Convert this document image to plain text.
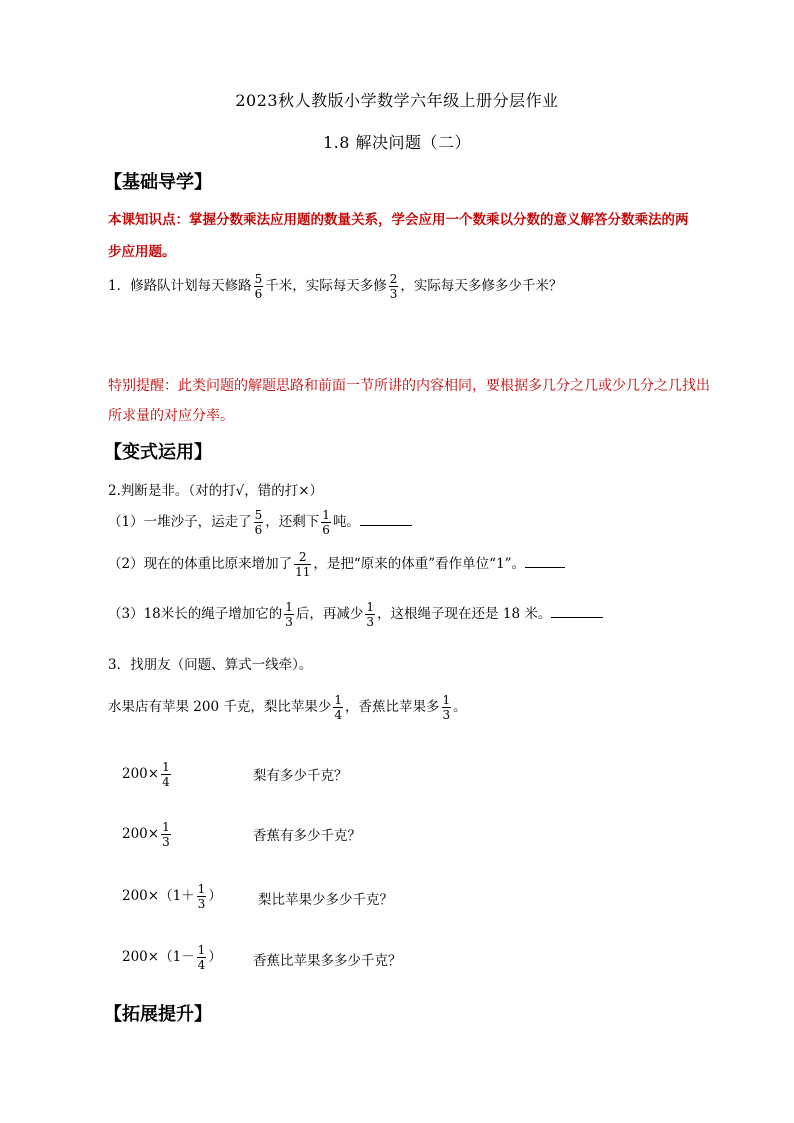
2023秋人教版小学数学六年级上册分层作业
1.8 解决问题（二）
【基础导学】
本课知识点：掌握分数乘法应用题的数量关系，学会应用一个数乘以分数的意义解答分数乘法的两
步应用题。
1．修路队计划每天修路 $\frac{5}{6}$ 千米，实际每天多修 $\frac{2}{3}$ ，实际每天多修多少千米？
特别提醒：此类问题的解题思路和前面一节所讲的内容相同，要根据多几分之几或少几分之几找出
所求量的对应分率。
【变式运用】
2.判断是非。（对的打√，错的打×）
（1）一堆沙子，运走了 $\frac{5}{6}$ ，还剩下 $\frac{1}{6}$ 吨。
（2）现在的体重比原来增加了 $\frac{2}{11}$ ，是把“原来的体重”看作单位“1”。
（3）18米长的绳子增加它的 $\frac{1}{3}$ 后，再减少 $\frac{1}{3}$ ，这根绳子现在还是 18 米。
3．找朋友（问题、算式一线牵）。
水果店有苹果 200 千克，梨比苹果少 $\frac{1}{4}$ ，香蕉比苹果多 $\frac{1}{3}$ 。
$200\times \frac{1}{4}$	梨有多少千克？
$200\times \frac{1}{3}$	香蕉有多少千克？
$200\times(1+ \frac{1}{3}$ ）	梨比苹果少多少千克？
$200\times(1- \frac{1}{4}$ ） 香蕉比苹果多多少千克？
【拓展提升】
